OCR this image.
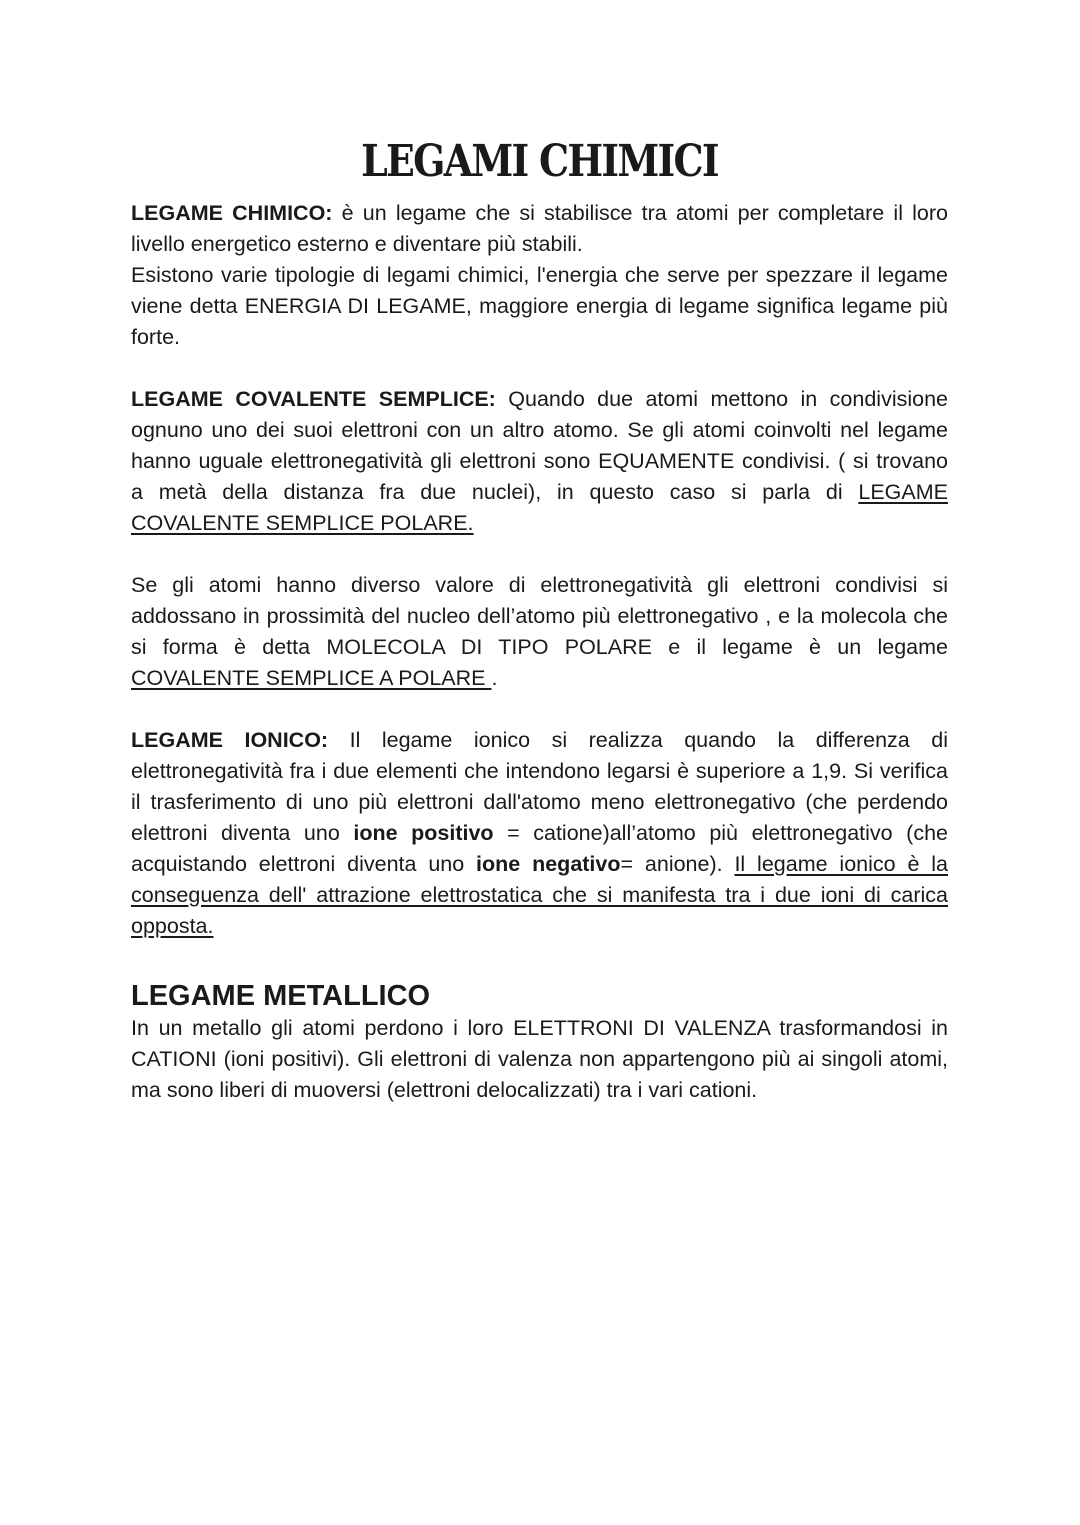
LEGAMI CHIMICI

LEGAME CHIMICO: è un legame che si stabilisce tra atomi per completare il loro livello energetico esterno e diventare più stabili.

Esistono varie tipologie di legami chimici, l'energia che serve per spezzare il legame viene detta ENERGIA DI LEGAME, maggiore energia di legame significa legame più forte.

LEGAME COVALENTE SEMPLICE: Quando due atomi mettono in condivisione ognuno uno dei suoi elettroni con un altro atomo. Se gli atomi coinvolti nel legame hanno uguale elettronegatività gli elettroni sono EQUAMENTE condivisi. ( si trovano a metà della distanza fra due nuclei), in questo caso si parla di LEGAME COVALENTE SEMPLICE POLARE.

Se gli atomi hanno diverso valore di elettronegatività gli elettroni condivisi si addossano in prossimità del nucleo dell’atomo più elettronegativo , e la molecola che si forma è detta MOLECOLA DI TIPO POLARE e il legame è un legame COVALENTE SEMPLICE A POLARE .

LEGAME IONICO: Il legame ionico si realizza quando la differenza di elettronegatività fra i due elementi che intendono legarsi è superiore a 1,9. Si verifica il trasferimento di uno più elettroni dall'atomo meno elettronegativo (che perdendo elettroni diventa uno ione positivo = catione)all’atomo più elettronegativo (che acquistando elettroni diventa uno ione negativo= anione). Il legame ionico è la conseguenza dell' attrazione elettrostatica che si manifesta tra i due ioni di carica opposta.

LEGAME METALLICO

In un metallo gli atomi perdono i loro ELETTRONI DI VALENZA trasformandosi in CATIONI (ioni positivi). Gli elettroni di valenza non appartengono più ai singoli atomi, ma sono liberi di muoversi (elettroni delocalizzati) tra i vari cationi.
